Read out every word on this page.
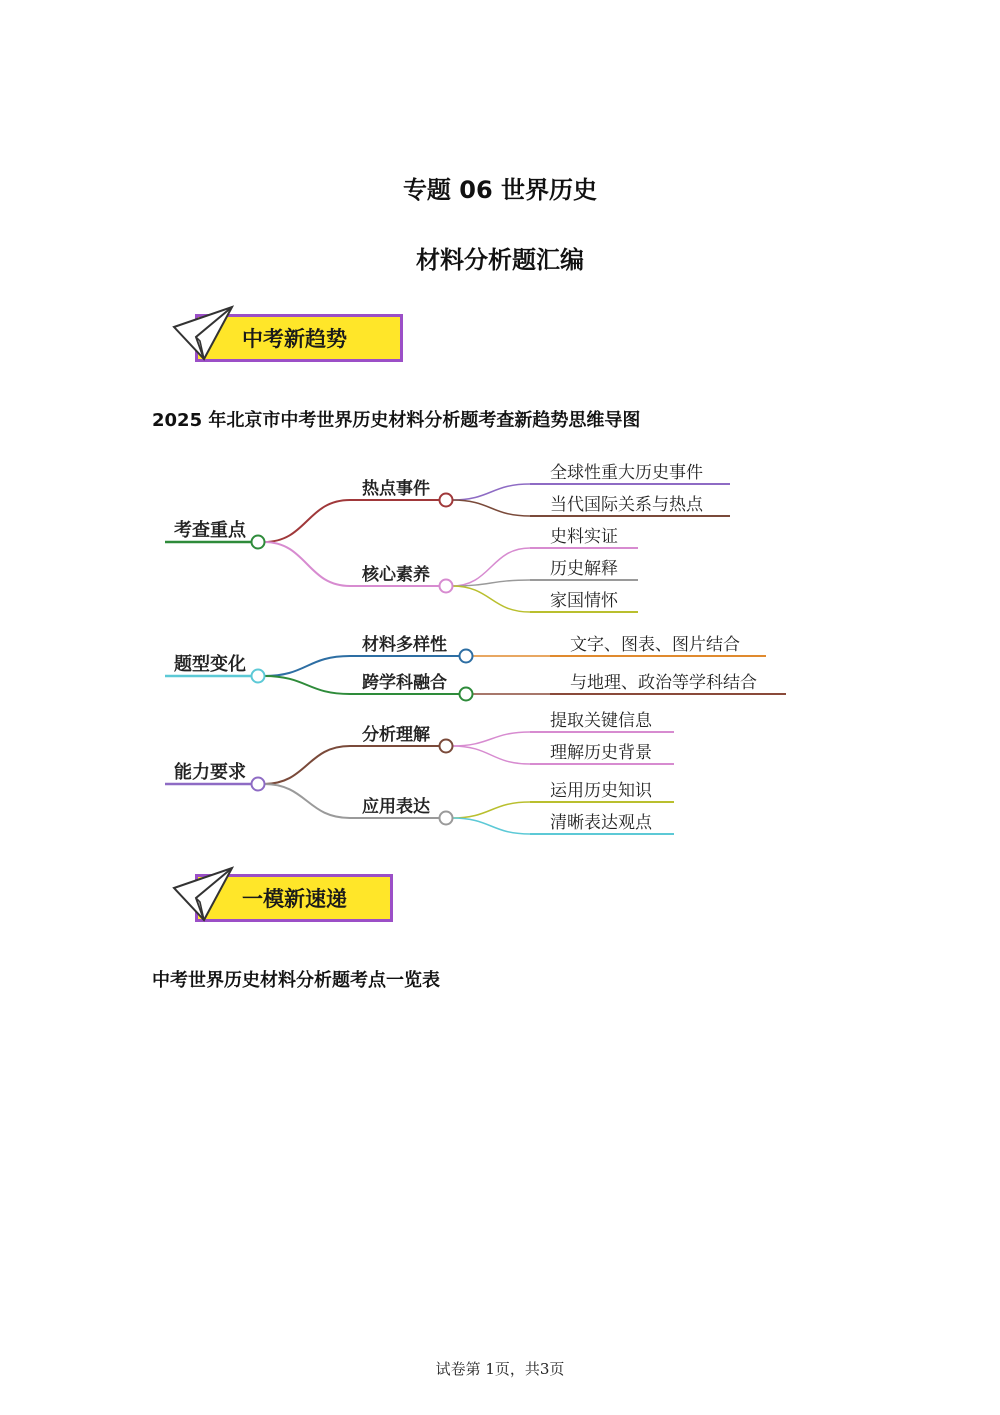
专题 06 世界历史
材料分析题汇编
中考新趋势
2025 年北京市中考世界历史材料分析题考查新趋势思维导图
考查重点
热点事件
全球性重大历史事件
当代国际关系与热点
核心素养
史料实证
历史解释
家国情怀
题型变化
材料多样性	文字、图表、图片结合
跨学科融合	与地理、政治等学科结合
能力要求
分析理解
提取关键信息
理解历史背景
应用表达
运用历史知识
清晰表达观点
一模新速递
中考世界历史材料分析题考点一览表
试卷第 1页，共3页
